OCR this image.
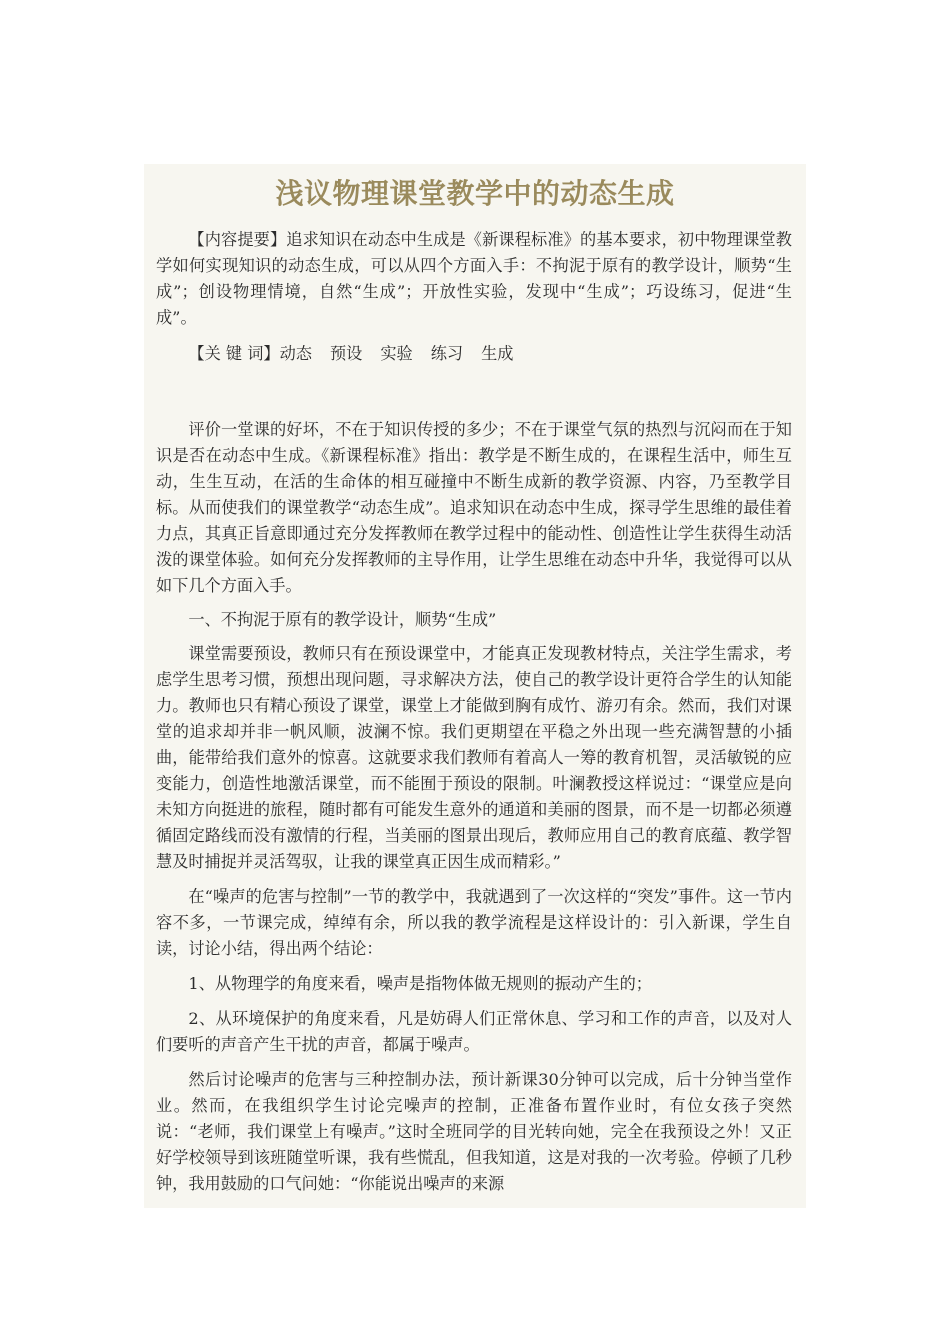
浅议物理课堂教学中的动态生成

【内容提要】追求知识在动态中生成是《新课程标准》的基本要求，初中物理课堂教学如何实现知识的动态生成，可以从四个方面入手：不拘泥于原有的教学设计，顺势“生成”；创设物理情境，自然“生成”；开放性实验，发现中“生成”；巧设练习，促进“生成”。

【关 键 词】动态 预设 实验 练习 生成

评价一堂课的好坏，不在于知识传授的多少；不在于课堂气氛的热烈与沉闷而在于知识是否在动态中生成。《新课程标准》指出：教学是不断生成的，在课程生活中，师生互动，生生互动，在活的生命体的相互碰撞中不断生成新的教学资源、内容，乃至教学目标。从而使我们的课堂教学“动态生成”。追求知识在动态中生成，探寻学生思维的最佳着力点，其真正旨意即通过充分发挥教师在教学过程中的能动性、创造性让学生获得生动活泼的课堂体验。如何充分发挥教师的主导作用，让学生思维在动态中升华，我觉得可以从如下几个方面入手。

一、不拘泥于原有的教学设计，顺势“生成”

课堂需要预设，教师只有在预设课堂中，才能真正发现教材特点，关注学生需求，考虑学生思考习惯，预想出现问题，寻求解决方法，使自己的教学设计更符合学生的认知能力。教师也只有精心预设了课堂，课堂上才能做到胸有成竹、游刃有余。然而，我们对课堂的追求却并非一帆风顺，波澜不惊。我们更期望在平稳之外出现一些充满智慧的小插曲，能带给我们意外的惊喜。这就要求我们教师有着高人一筹的教育机智，灵活敏锐的应变能力，创造性地激活课堂，而不能囿于预设的限制。叶澜教授这样说过：“课堂应是向未知方向挺进的旅程，随时都有可能发生意外的通道和美丽的图景，而不是一切都必须遵循固定路线而没有激情的行程，当美丽的图景出现后，教师应用自己的教育底蕴、教学智慧及时捕捉并灵活驾驭，让我的课堂真正因生成而精彩。”

在“噪声的危害与控制”一节的教学中，我就遇到了一次这样的“突发”事件。这一节内容不多，一节课完成，绰绰有余，所以我的教学流程是这样设计的：引入新课，学生自读，讨论小结，得出两个结论：

1、从物理学的角度来看，噪声是指物体做无规则的振动产生的；

2、从环境保护的角度来看，凡是妨碍人们正常休息、学习和工作的声音，以及对人们要听的声音产生干扰的声音，都属于噪声。

然后讨论噪声的危害与三种控制办法，预计新课30分钟可以完成，后十分钟当堂作业。然而，在我组织学生讨论完噪声的控制，正准备布置作业时，有位女孩子突然说：“老师，我们课堂上有噪声。”这时全班同学的目光转向她，完全在我预设之外！又正好学校领导到该班随堂听课，我有些慌乱，但我知道，这是对我的一次考验。停顿了几秒钟，我用鼓励的口气问她：“你能说出噪声的来源
